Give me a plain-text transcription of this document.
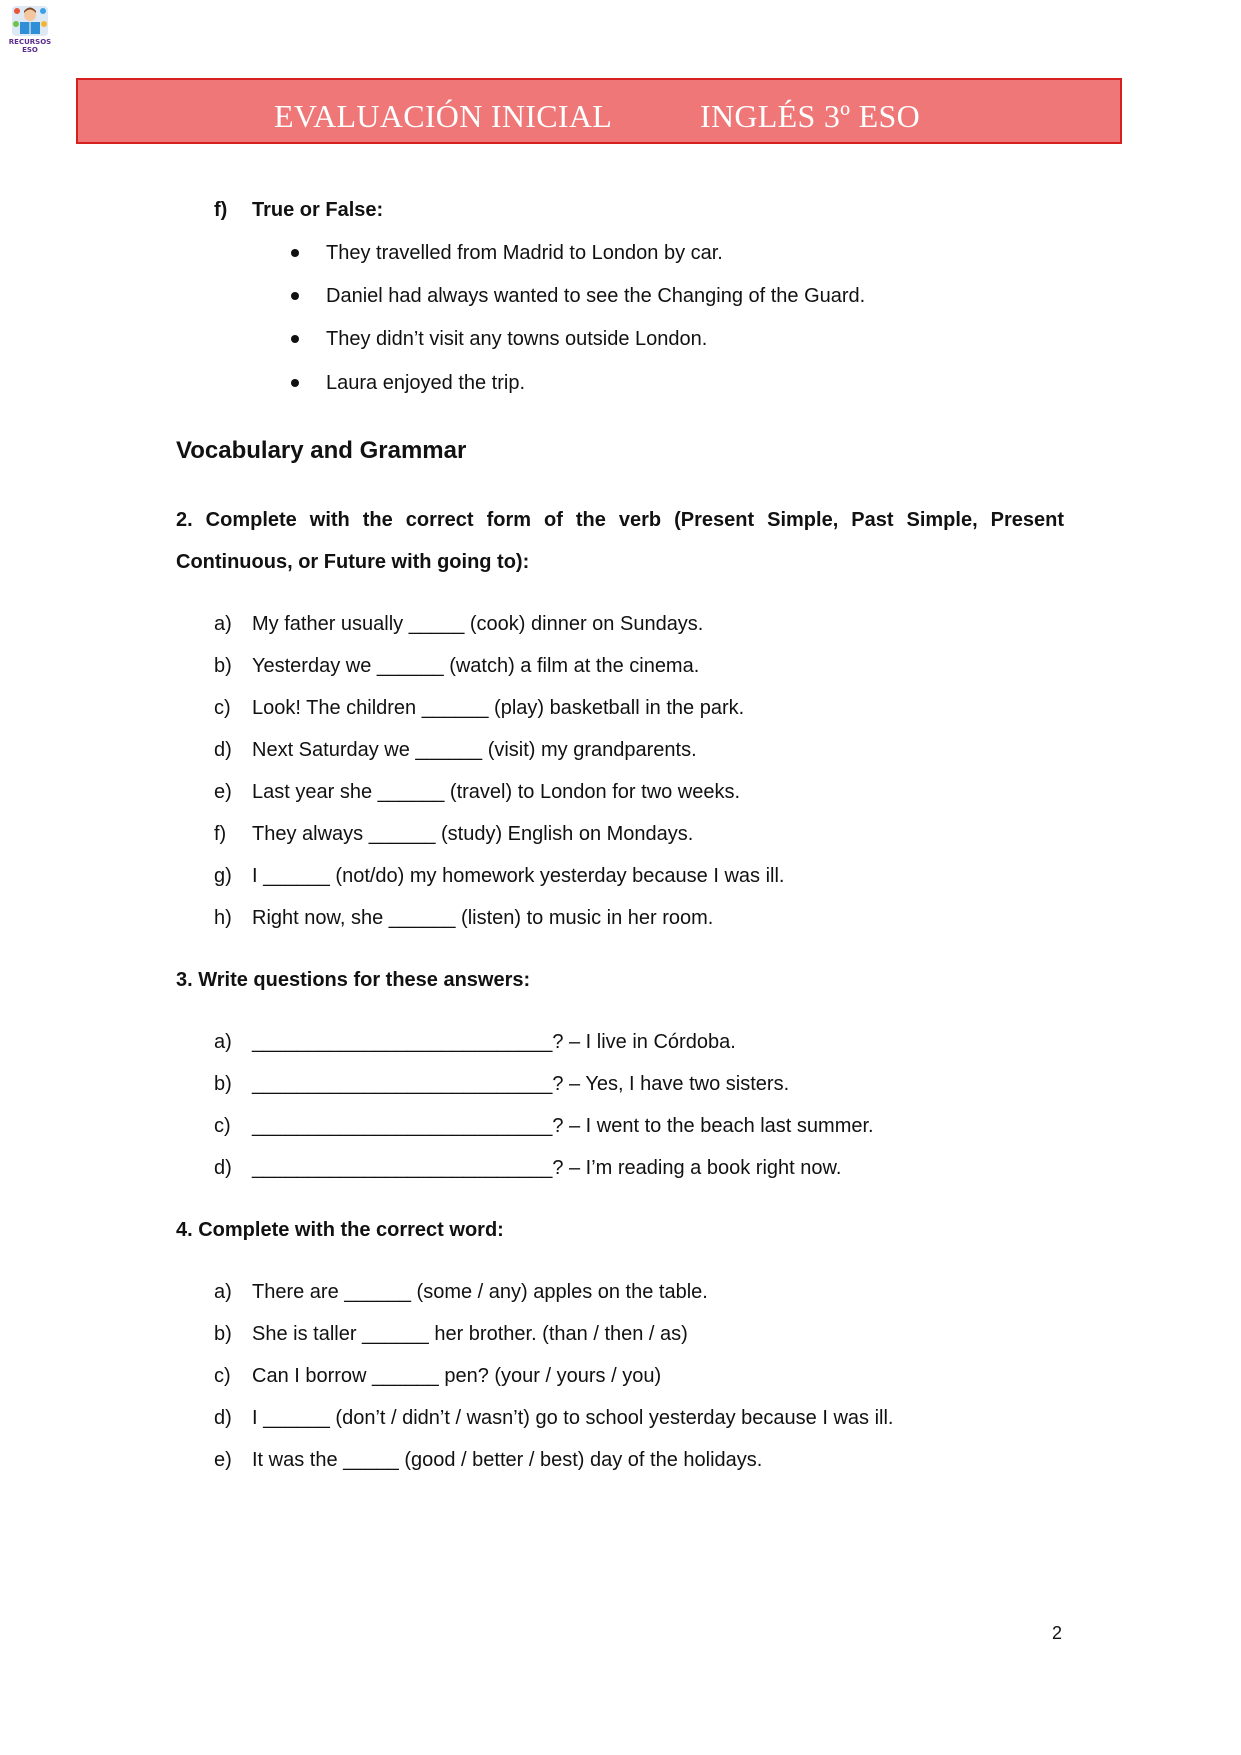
RECURSOS
ESO
EVALUACIÓN INICIAL	INGLÉS 3º ESO
f) True or False:
They travelled from Madrid to London by car.
Daniel had always wanted to see the Changing of the Guard.
They didn’t visit any towns outside London.
Laura enjoyed the trip.
Vocabulary and Grammar
2. Complete with the correct form of the verb (Present Simple, Past Simple, Present
Continuous, or Future with going to):
a) My father usually _____ (cook) dinner on Sundays.
b) Yesterday we ______ (watch) a film at the cinema.
c) Look! The children ______ (play) basketball in the park.
d) Next Saturday we ______ (visit) my grandparents.
e) Last year she ______ (travel) to London for two weeks.
f) They always ______ (study) English on Mondays.
g) I ______ (not/do) my homework yesterday because I was ill.
h) Right now, she ______ (listen) to music in her room.
3. Write questions for these answers:
a) ___________________________? – I live in Córdoba.
b) ___________________________? – Yes, I have two sisters.
c) ___________________________? – I went to the beach last summer.
d) ___________________________? – I’m reading a book right now.
4. Complete with the correct word:
a) There are ______ (some / any) apples on the table.
b) She is taller ______ her brother. (than / then / as)
c) Can I borrow ______ pen? (your / yours / you)
d) I ______ (don’t / didn’t / wasn’t) go to school yesterday because I was ill.
e) It was the _____ (good / better / best) day of the holidays.
2
